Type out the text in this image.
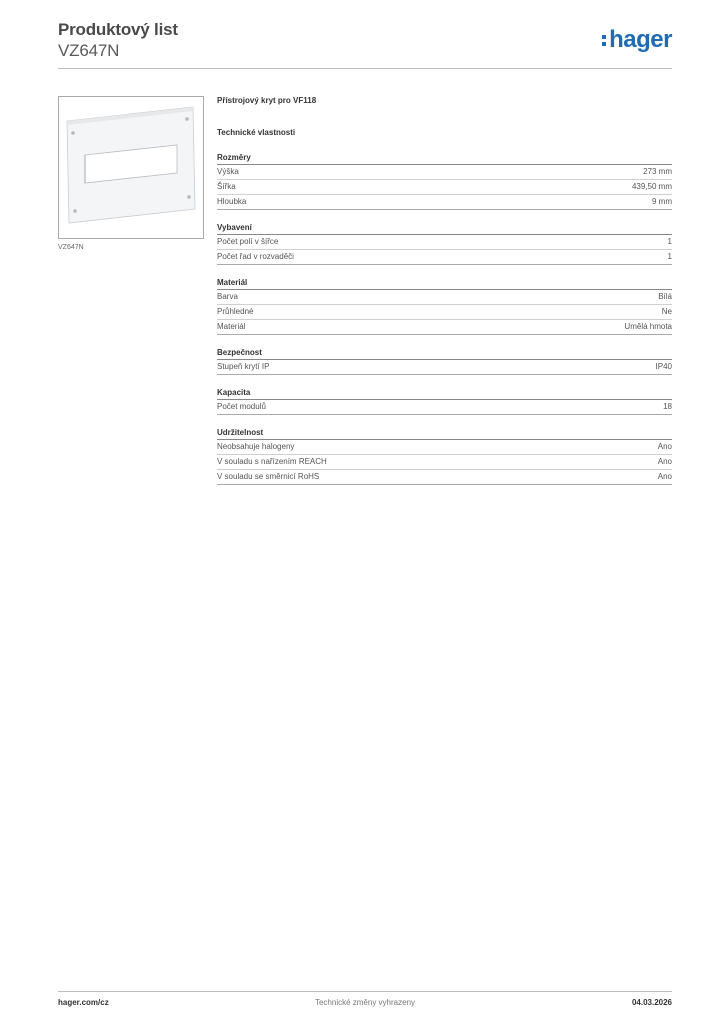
Produktový list
VZ647N	hager
VZ647N
Přístrojový kryt pro VF118
Technické vlastnosti
Rozměry
Výška	273 mm
Šířka	439,50 mm
Hloubka	9 mm
Vybavení
Počet polí v šířce	1
Počet řad v rozvaděči	1
Materiál
Barva	Bílá
Průhledné	Ne
Materiál	Umělá hmota
Bezpečnost
Stupeň krytí IP	IP40
Kapacita
Počet modulů	18
Udržitelnost
Neobsahuje halogeny	Ano
V souladu s nařízením REACH	Ano
V souladu se směrnicí RoHS	Ano
hager.com/cz	Technické změny vyhrazeny	04.03.2026
